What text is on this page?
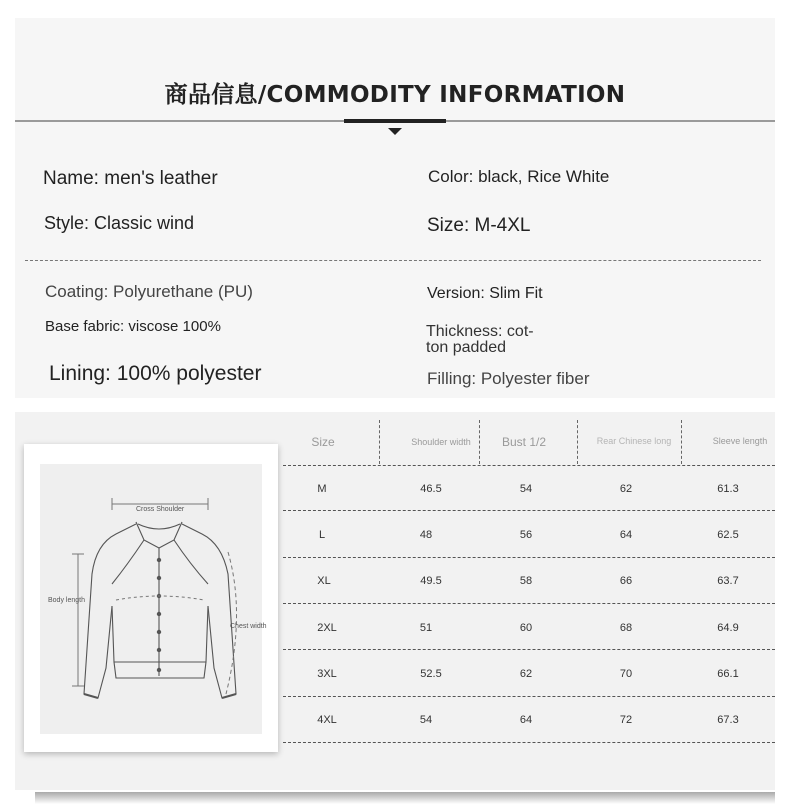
商品信息/COMMODITY INFORMATION
Name: men's leather	Color: black, Rice White
Style: Classic wind	Size: M-4XL
Coating: Polyurethane (PU)	Version: Slim Fit
Base fabric: viscose 100%	Thickness: cot-
ton padded
Lining: 100% polyester	Filling: Polyester fiber
Cross Shoulder
Body length
Chest width
Size	Shoulder width	Bust 1/2	Rear Chinese long	Sleeve length
M	46.5	54	62	61.3
L	48	56	64	62.5
XL	49.5	58	66	63.7
2XL	51	60	68	64.9
3XL	52.5	62	70	66.1
4XL	54	64	72	67.3
